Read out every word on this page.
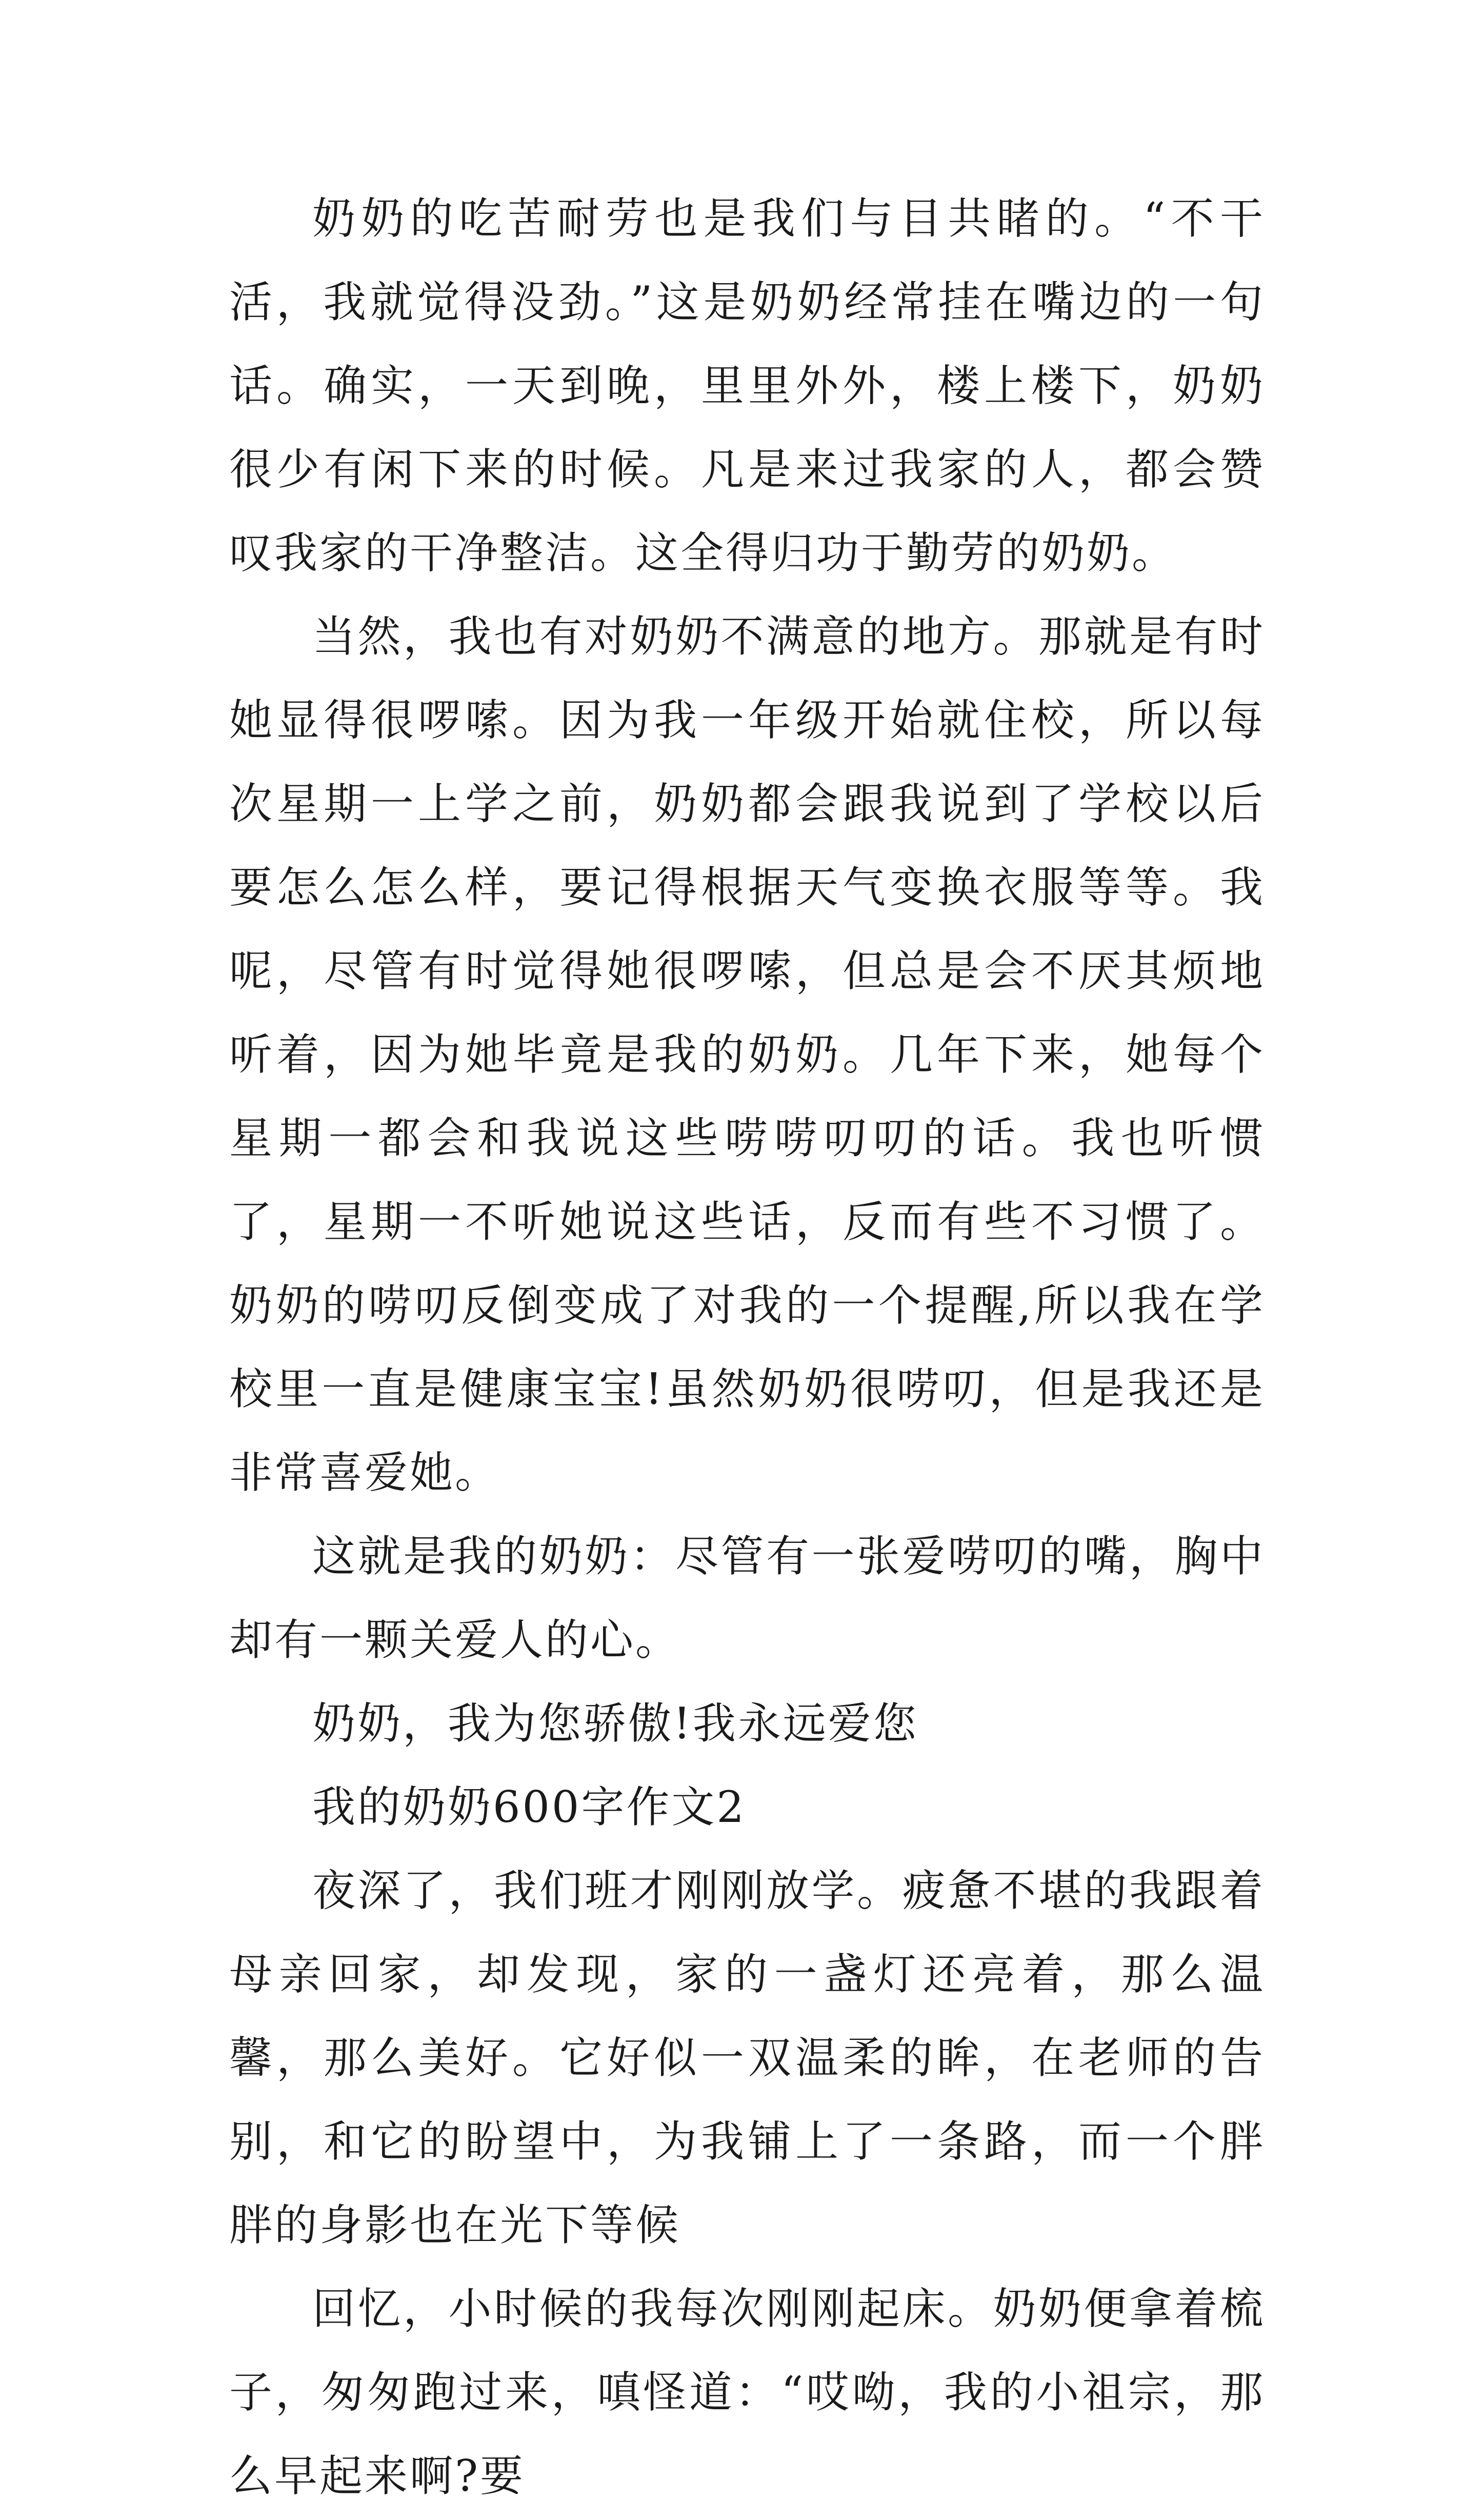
奶奶的吃苦耐劳也是我们与目共睹的。“不干活，我就觉得没劲。”这是奶奶经常挂在嘴边的一句话。确实，一天到晚，里里外外，楼上楼下，奶奶很少有闲下来的时候。凡是来过我家的人，都会赞叹我家的干净整洁。这全得归功于勤劳的奶奶。

当然，我也有对奶奶不满意的地方。那就是有时她显得很啰嗦。因为我一年级开始就住校，所以每次星期一上学之前，奶奶都会跟我说到了学校以后要怎么怎么样，要记得根据天气变换衣服等等。我呢，尽管有时觉得她很啰嗦，但总是会不厌其烦地听着，因为她毕竟是我的奶奶。几年下来，她每个星期一都会和我说这些唠唠叨叨的话。我也听惯了，星期一不听她说这些话，反而有些不习惯了。奶奶的唠叨反倒变成了对我的一个提醒,所以我在学校里一直是健康宝宝!虽然奶奶很唠叨，但是我还是非常喜爱她。

这就是我的奶奶：尽管有一张爱唠叨的嘴，胸中却有一颗关爱人的心。

奶奶，我为您骄傲!我永远爱您

我的奶奶600字作文2

夜深了，我们班才刚刚放学。疲惫不堪的我跟着母亲回家，却发现，家的一盏灯还亮着，那么温馨，那么美好。它好似一双温柔的眸，在老师的告别，和它的盼望中，为我铺上了一条路，而一个胖胖的身影也在光下等候

回忆，小时候的我每次刚刚起床。奶奶便拿着梳子，匆匆跑过来，嗔怪道：“哎呦，我的小祖宗，那么早起来啊?要
